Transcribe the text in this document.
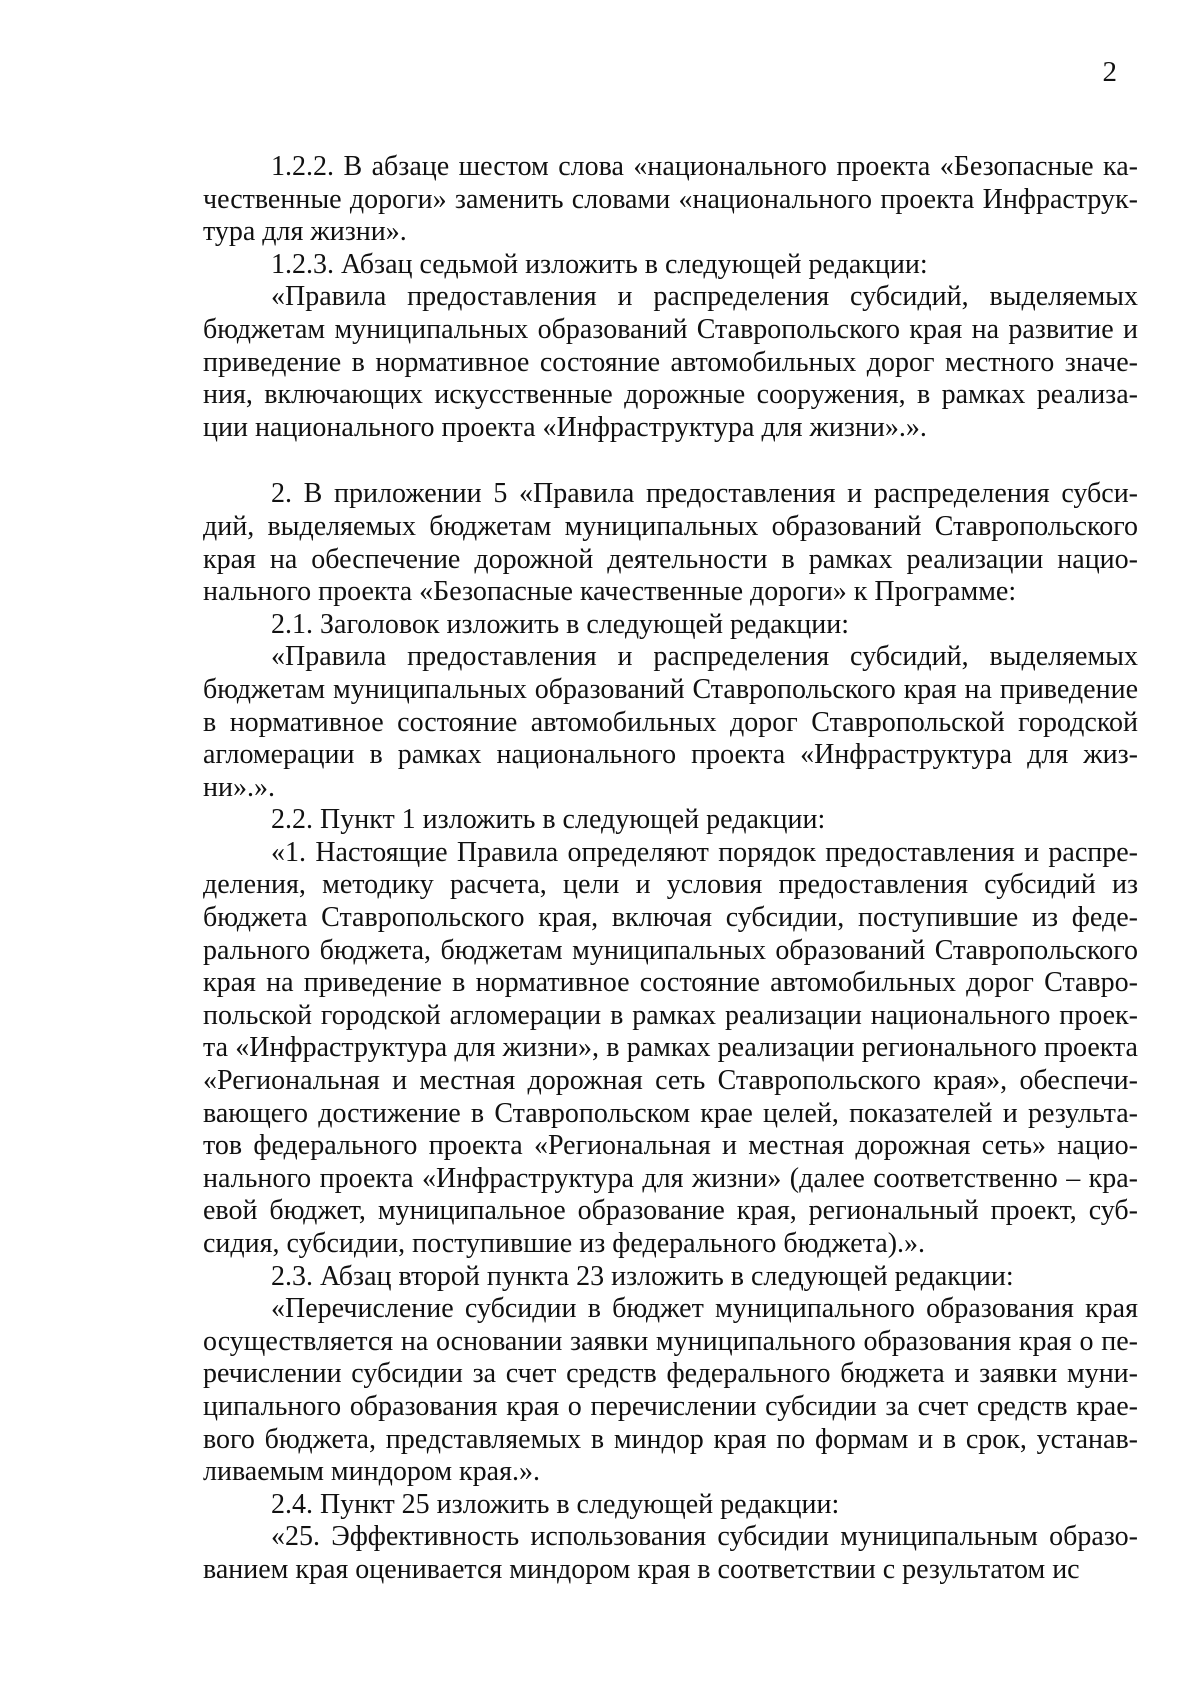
2

1.2.2. В абзаце шестом слова «национального проекта «Безопасные качественные дороги» заменить словами «национального проекта Инфраструктура для жизни».

1.2.3. Абзац седьмой изложить в следующей редакции:

«Правила предоставления и распределения субсидий, выделяемых бюджетам муниципальных образований Ставропольского края на развитие и приведение в нормативное состояние автомобильных дорог местного значения, включающих искусственные дорожные сооружения, в рамках реализации национального проекта «Инфраструктура для жизни».».

2. В приложении 5 «Правила предоставления и распределения субсидий, выделяемых бюджетам муниципальных образований Ставропольского края на обеспечение дорожной деятельности в рамках реализации национального проекта «Безопасные качественные дороги» к Программе:

2.1. Заголовок изложить в следующей редакции:

«Правила предоставления и распределения субсидий, выделяемых бюджетам муниципальных образований Ставропольского края на приведение в нормативное состояние автомобильных дорог Ставропольской городской агломерации в рамках национального проекта «Инфраструктура для жизни».».

2.2. Пункт 1 изложить в следующей редакции:

«1. Настоящие Правила определяют порядок предоставления и распределения, методику расчета, цели и условия предоставления субсидий из бюджета Ставропольского края, включая субсидии, поступившие из федерального бюджета, бюджетам муниципальных образований Ставропольского края на приведение в нормативное состояние автомобильных дорог Ставропольской городской агломерации в рамках реализации национального проекта «Инфраструктура для жизни», в рамках реализации регионального проекта «Региональная и местная дорожная сеть Ставропольского края», обеспечивающего достижение в Ставропольском крае целей, показателей и результатов федерального проекта «Региональная и местная дорожная сеть» национального проекта «Инфраструктура для жизни» (далее соответственно – краевой бюджет, муниципальное образование края, региональный проект, субсидия, субсидии, поступившие из федерального бюджета).».

2.3. Абзац второй пункта 23 изложить в следующей редакции:

«Перечисление субсидии в бюджет муниципального образования края осуществляется на основании заявки муниципального образования края о перечислении субсидии за счет средств федерального бюджета и заявки муниципального образования края о перечислении субсидии за счет средств краевого бюджета, представляемых в миндор края по формам и в срок, устанавливаемым миндором края.».

2.4. Пункт 25 изложить в следующей редакции:

«25. Эффективность использования субсидии муниципальным образованием края оценивается миндором края в соответствии с результатом ис
